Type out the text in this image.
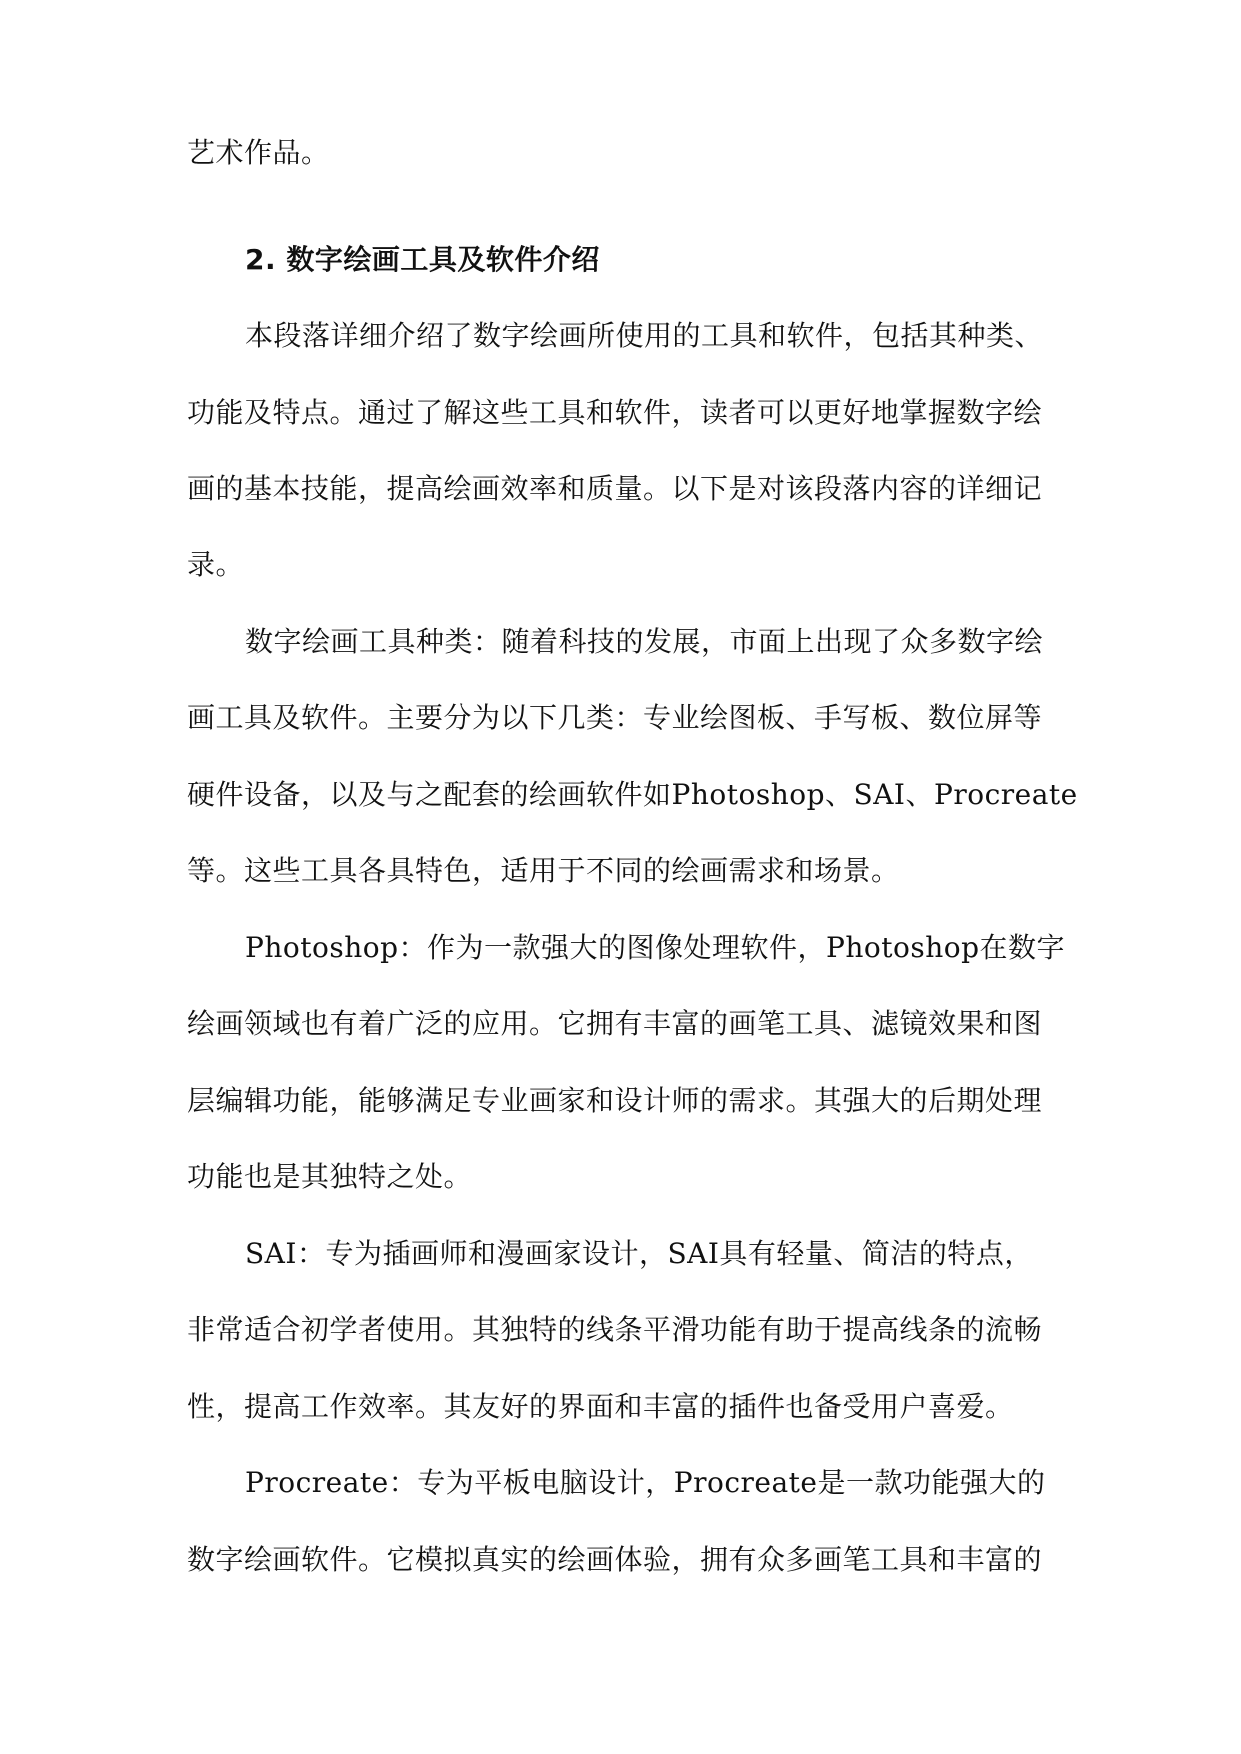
艺术作品。
2. 数字绘画工具及软件介绍
本段落详细介绍了数字绘画所使用的工具和软件，包括其种类、
功能及特点。通过了解这些工具和软件，读者可以更好地掌握数字绘
画的基本技能，提高绘画效率和质量。以下是对该段落内容的详细记
录。
数字绘画工具种类：随着科技的发展，市面上出现了众多数字绘
画工具及软件。主要分为以下几类：专业绘图板、手写板、数位屏等
硬件设备，以及与之配套的绘画软件如Photoshop、SAI、Procreate
等。这些工具各具特色，适用于不同的绘画需求和场景。
Photoshop：作为一款强大的图像处理软件，Photoshop在数字
绘画领域也有着广泛的应用。它拥有丰富的画笔工具、滤镜效果和图
层编辑功能，能够满足专业画家和设计师的需求。其强大的后期处理
功能也是其独特之处。
SAI：专为插画师和漫画家设计，SAI具有轻量、简洁的特点，
非常适合初学者使用。其独特的线条平滑功能有助于提高线条的流畅
性，提高工作效率。其友好的界面和丰富的插件也备受用户喜爱。
Procreate：专为平板电脑设计，Procreate是一款功能强大的
数字绘画软件。它模拟真实的绘画体验，拥有众多画笔工具和丰富的
